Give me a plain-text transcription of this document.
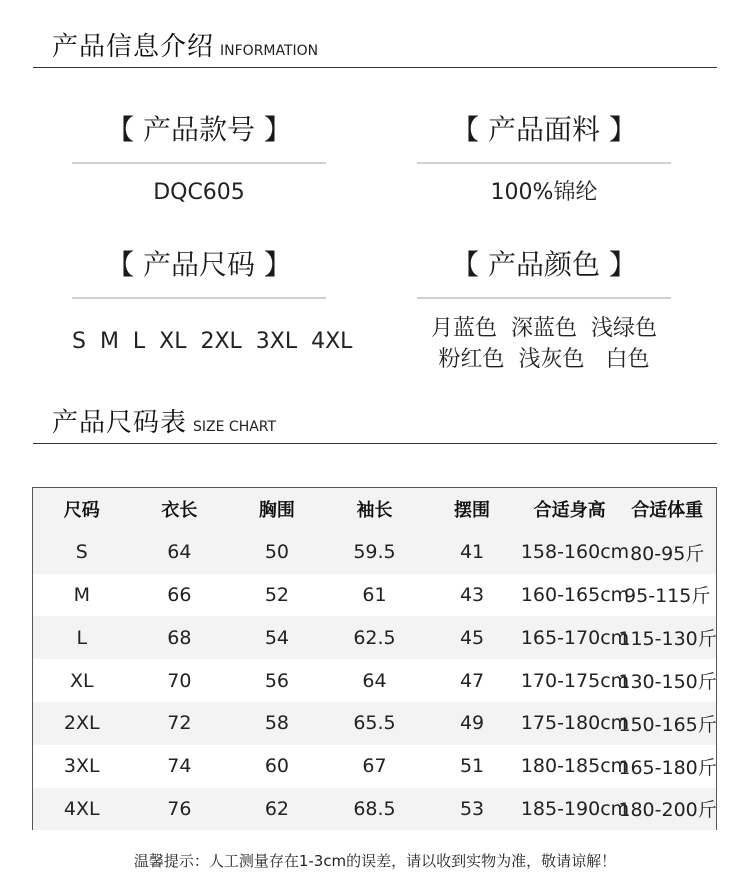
产品信息介绍 INFORMATION
【 产品款号 】
DQC605
【 产品面料 】
100%锦纶
【 产品尺码 】
S  M  L  XL  2XL  3XL  4XL
【 产品颜色 】
月蓝色  深蓝色  浅绿色
粉红色  浅灰色   白色
产品尺码表 SIZE CHART
尺码	衣长	胸围	袖长	摆围	合适身高	合适体重
S	64	50	59.5	41	158-160cm	80-95斤
M	66	52	61	43	160-165cm	95-115斤
L	68	54	62.5	45	165-170cm	115-130斤
XL	70	56	64	47	170-175cm	130-150斤
2XL	72	58	65.5	49	175-180cm	150-165斤
3XL	74	60	67	51	180-185cm	165-180斤
4XL	76	62	68.5	53	185-190cm	180-200斤
温馨提示：人工测量存在1-3cm的误差，请以收到实物为准，敬请谅解！
